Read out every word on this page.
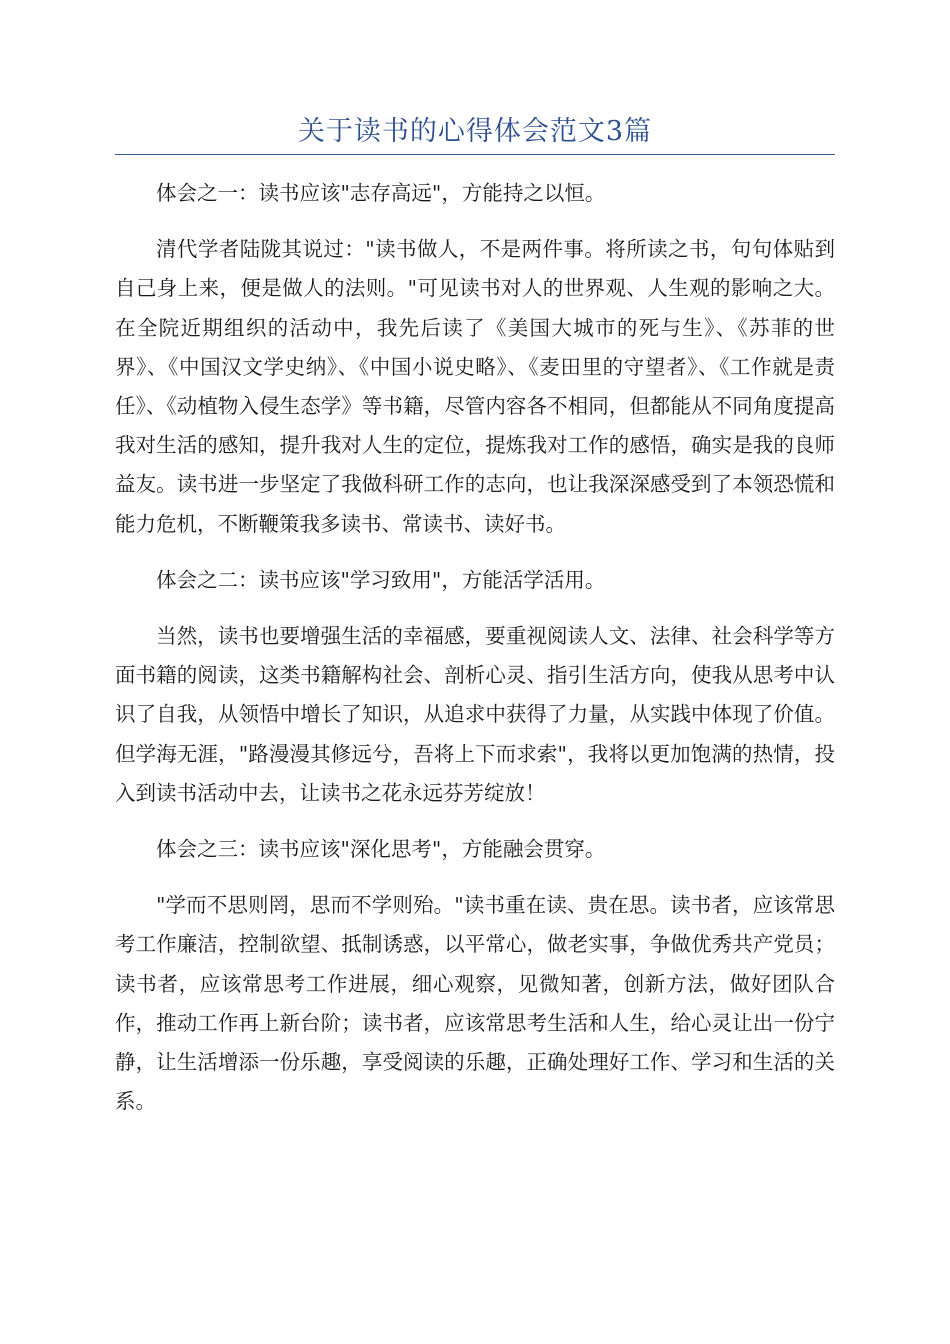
关于读书的心得体会范文3篇

体会之一：读书应该"志存高远"，方能持之以恒。

清代学者陆陇其说过："读书做人，不是两件事。将所读之书，句句体贴到自己身上来，便是做人的法则。"可见读书对人的世界观、人生观的影响之大。在全院近期组织的活动中，我先后读了《美国大城市的死与生》、《苏菲的世界》、《中国汉文学史纳》、《中国小说史略》、《麦田里的守望者》、《工作就是责任》、《动植物入侵生态学》等书籍，尽管内容各不相同，但都能从不同角度提高我对生活的感知，提升我对人生的定位，提炼我对工作的感悟，确实是我的良师益友。读书进一步坚定了我做科研工作的志向，也让我深深感受到了本领恐慌和能力危机，不断鞭策我多读书、常读书、读好书。

体会之二：读书应该"学习致用"，方能活学活用。

当然，读书也要增强生活的幸福感，要重视阅读人文、法律、社会科学等方面书籍的阅读，这类书籍解构社会、剖析心灵、指引生活方向，使我从思考中认识了自我，从领悟中增长了知识，从追求中获得了力量，从实践中体现了价值。但学海无涯，"路漫漫其修远兮，吾将上下而求索"，我将以更加饱满的热情，投入到读书活动中去，让读书之花永远芬芳绽放！

体会之三：读书应该"深化思考"，方能融会贯穿。

"学而不思则罔，思而不学则殆。"读书重在读、贵在思。读书者，应该常思考工作廉洁，控制欲望、抵制诱惑，以平常心，做老实事，争做优秀共产党员；读书者，应该常思考工作进展，细心观察，见微知著，创新方法，做好团队合作，推动工作再上新台阶；读书者，应该常思考生活和人生，给心灵让出一份宁静，让生活增添一份乐趣，享受阅读的乐趣，正确处理好工作、学习和生活的关系。
